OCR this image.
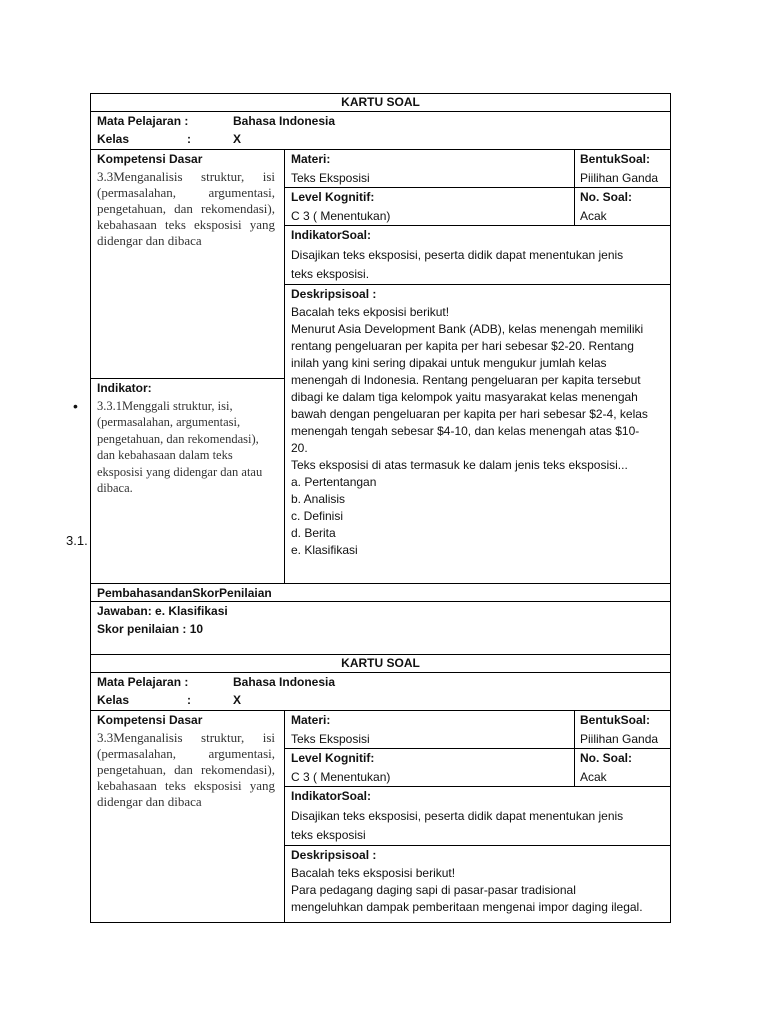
KARTU SOAL
Mata Pelajaran :	Bahasa Indonesia
Kelas	:	X
Kompetensi Dasar
3.3Menganalisis struktur, isi (permasalahan, argumentasi, pengetahuan, dan rekomendasi), kebahasaan teks eksposisi yang didengar dan dibaca
Materi:
Teks Eksposisi
BentukSoal:
Piilihan Ganda
Level Kognitif:
C 3 ( Menentukan)
No. Soal:
Acak
IndikatorSoal:
Disajikan teks eksposisi, peserta didik dapat menentukan jenis
teks eksposisi.
Deskripsisoal :
Bacalah teks ekposisi berikut!
Menurut Asia Development Bank (ADB), kelas menengah memiliki
rentang pengeluaran per kapita per hari sebesar $2-20. Rentang
inilah yang kini sering dipakai untuk mengukur jumlah kelas
menengah di Indonesia. Rentang pengeluaran per kapita tersebut
dibagi ke dalam tiga kelompok yaitu masyarakat kelas menengah
bawah dengan pengeluaran per kapita per hari sebesar $2-4, kelas
menengah tengah sebesar $4-10, dan kelas menengah atas $10-
20.
Teks eksposisi di atas termasuk ke dalam jenis teks eksposisi...
a. Pertentangan
b. Analisis
c. Definisi
d. Berita
e. Klasifikasi
Indikator:
3.3.1Menggali struktur, isi, (permasalahan, argumentasi, pengetahuan, dan rekomendasi), dan kebahasaan dalam teks eksposisi yang didengar dan atau dibaca.
PembahasandanSkorPenilaian
Jawaban: e. Klasifikasi
Skor penilaian : 10
•
3.1.
KARTU SOAL
Mata Pelajaran :	Bahasa Indonesia
Kelas	:	X
Kompetensi Dasar
3.3Menganalisis struktur, isi (permasalahan, argumentasi, pengetahuan, dan rekomendasi), kebahasaan teks eksposisi yang didengar dan dibaca
Materi:
Teks Eksposisi
BentukSoal:
Piilihan Ganda
Level Kognitif:
C 3 ( Menentukan)
No. Soal:
Acak
IndikatorSoal:
Disajikan teks eksposisi, peserta didik dapat menentukan jenis
teks eksposisi
Deskripsisoal :
Bacalah teks eksposisi berikut!
Para pedagang daging sapi di pasar-pasar tradisional
mengeluhkan dampak pemberitaan mengenai impor daging ilegal.
